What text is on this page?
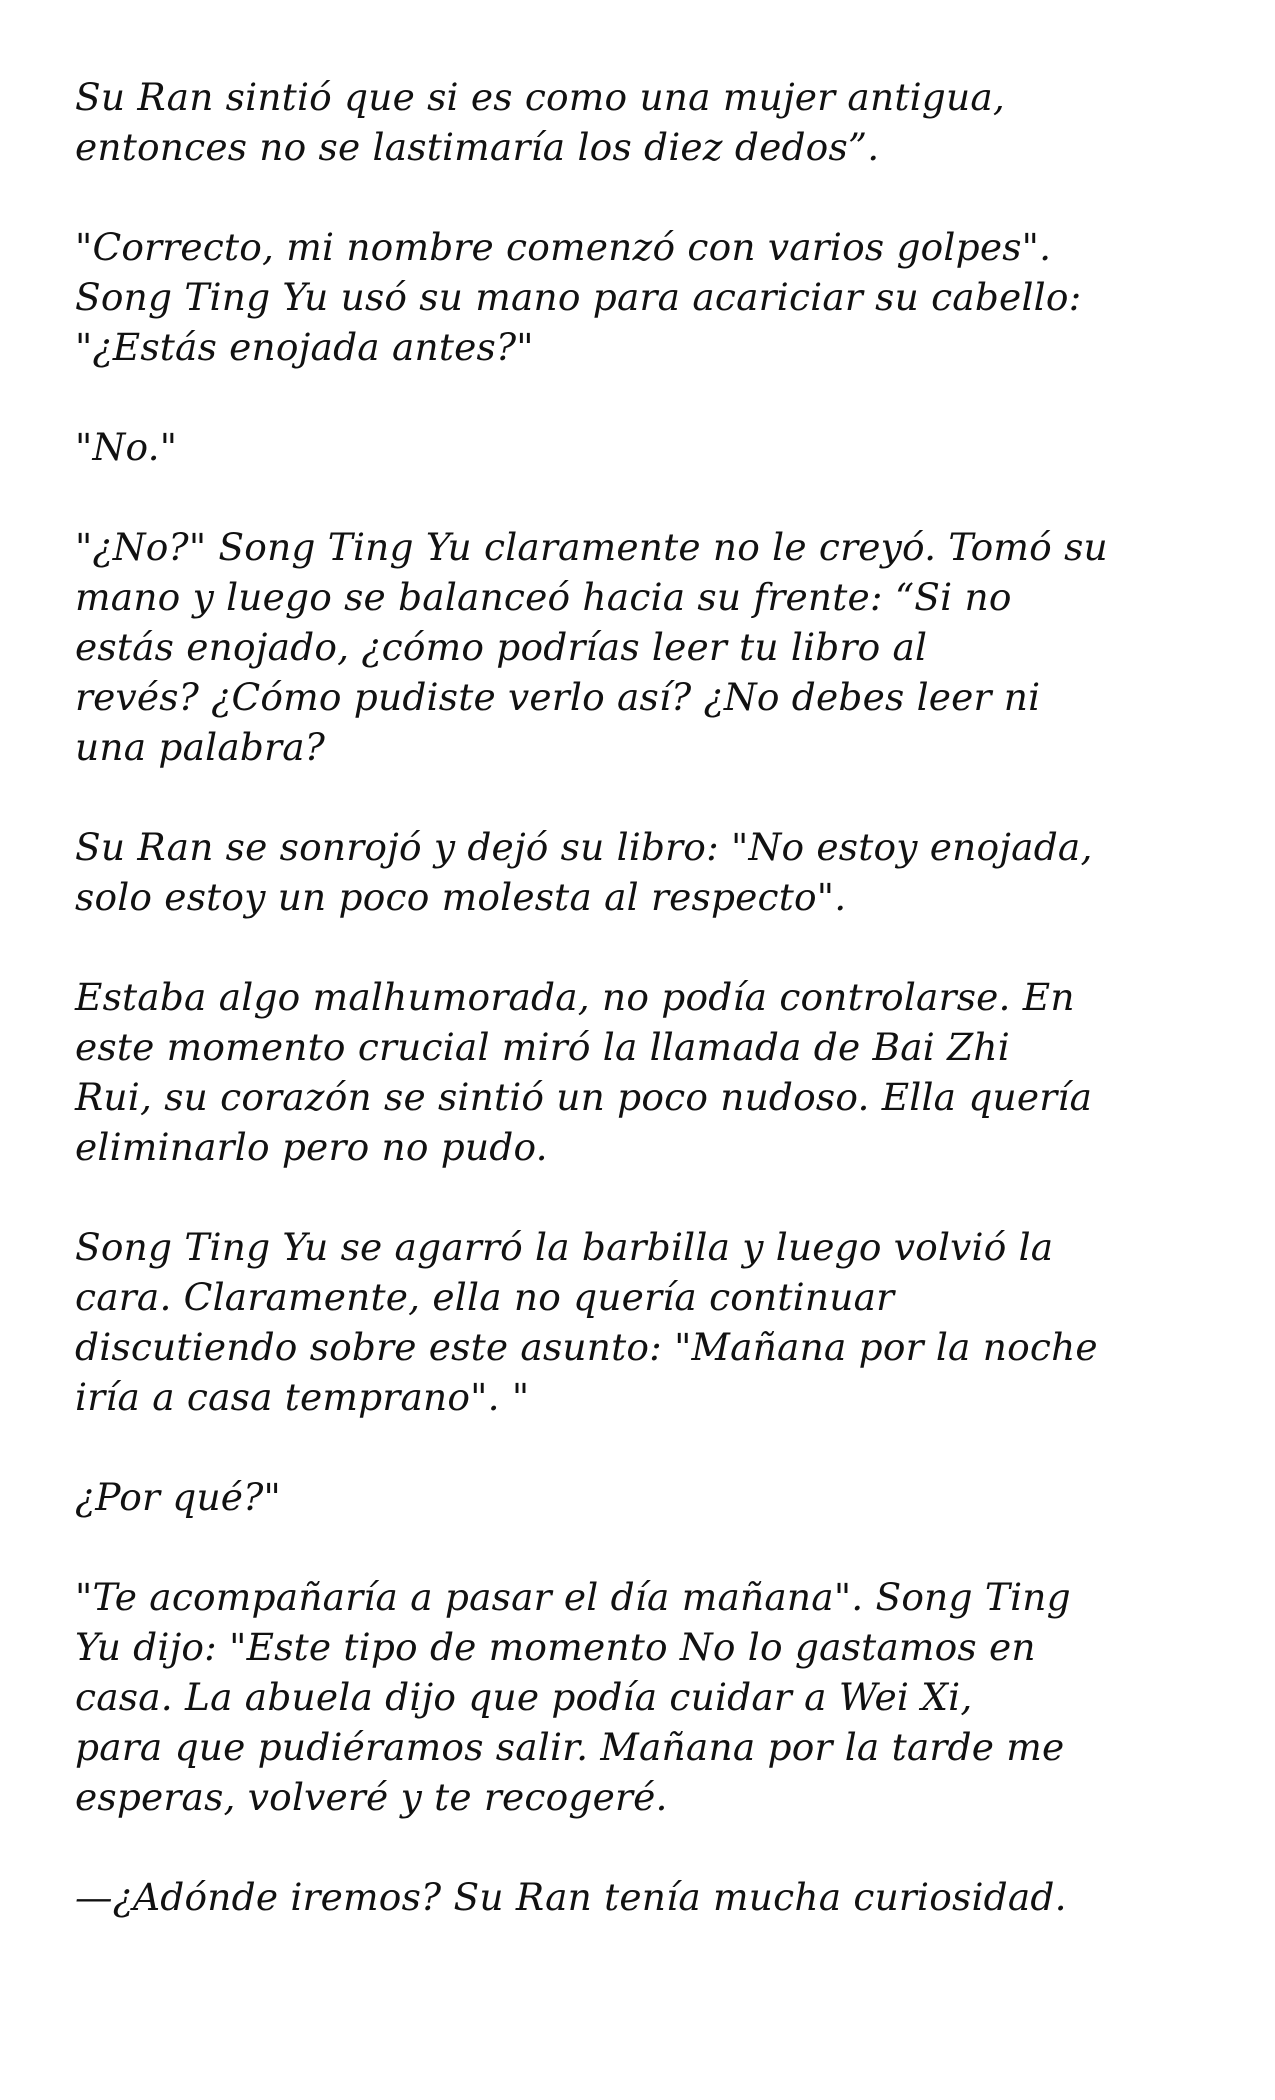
Su Ran sintió que si es como una mujer antigua,
entonces no se lastimaría los diez dedos”.

"Correcto, mi nombre comenzó con varios golpes".
Song Ting Yu usó su mano para acariciar su cabello:
"¿Estás enojada antes?"

"No."

"¿No?" Song Ting Yu claramente no le creyó. Tomó su
mano y luego se balanceó hacia su frente: “Si no
estás enojado, ¿cómo podrías leer tu libro al
revés? ¿Cómo pudiste verlo así? ¿No debes leer ni
una palabra?

Su Ran se sonrojó y dejó su libro: "No estoy enojada,
solo estoy un poco molesta al respecto".

Estaba algo malhumorada, no podía controlarse. En
este momento crucial miró la llamada de Bai Zhi
Rui, su corazón se sintió un poco nudoso. Ella quería
eliminarlo pero no pudo.

Song Ting Yu se agarró la barbilla y luego volvió la
cara. Claramente, ella no quería continuar
discutiendo sobre este asunto: "Mañana por la noche
iría a casa temprano". "

¿Por qué?"

"Te acompañaría a pasar el día mañana". Song Ting
Yu dijo: "Este tipo de momento No lo gastamos en
casa. La abuela dijo que podía cuidar a Wei Xi,
para que pudiéramos salir. Mañana por la tarde me
esperas, volveré y te recogeré.

—¿Adónde iremos? Su Ran tenía mucha curiosidad.
